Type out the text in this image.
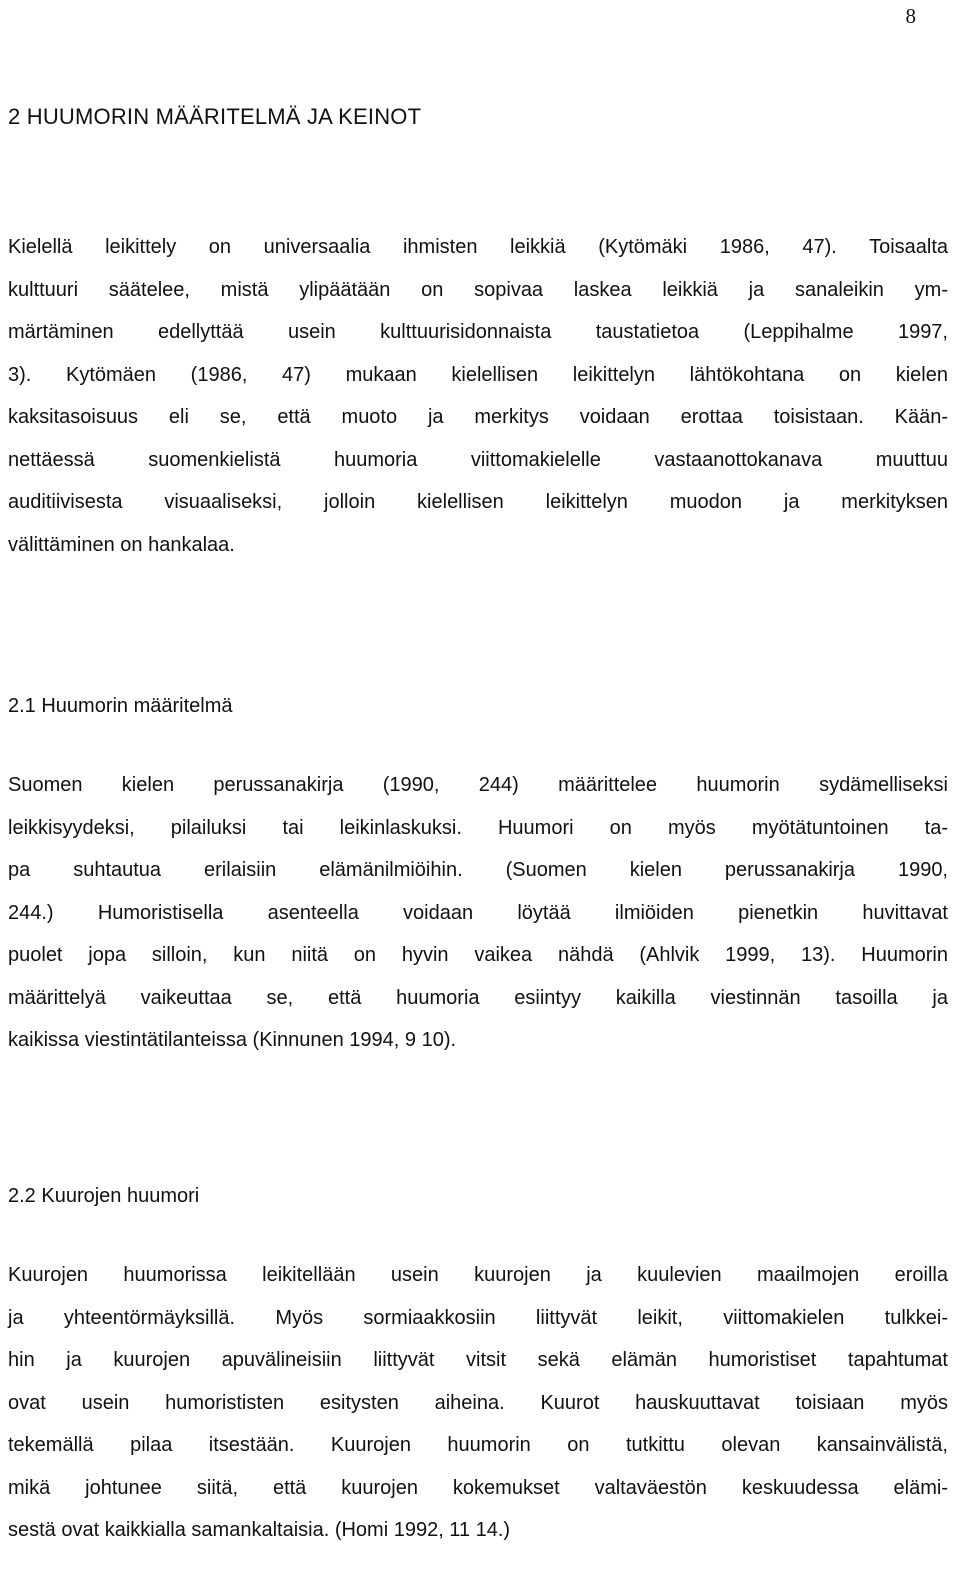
8
2 HUUMORIN MÄÄRITELMÄ JA KEINOT
Kielellä leikittely on universaalia ihmisten leikkiä (Kytömäki 1986, 47). Toisaalta
kulttuuri säätelee, mistä ylipäätään on sopivaa laskea leikkiä ja sanaleikin ym-
märtäminen edellyttää usein kulttuurisidonnaista taustatietoa (Leppihalme 1997,
3). Kytömäen (1986, 47) mukaan kielellisen leikittelyn lähtökohtana on kielen
kaksitasoisuus eli se, että muoto ja merkitys voidaan erottaa toisistaan. Kään-
nettäessä suomenkielistä huumoria viittomakielelle vastaanottokanava muuttuu
auditiivisesta visuaaliseksi, jolloin kielellisen leikittelyn muodon ja merkityksen
välittäminen on hankalaa.
2.1 Huumorin määritelmä
Suomen kielen perussanakirja (1990, 244) määrittelee huumorin sydämelliseksi
leikkisyydeksi, pilailuksi tai leikinlaskuksi. Huumori on myös myötätuntoinen ta-
pa suhtautua erilaisiin elämänilmiöihin. (Suomen kielen perussanakirja 1990,
244.) Humoristisella asenteella voidaan löytää ilmiöiden pienetkin huvittavat
puolet jopa silloin, kun niitä on hyvin vaikea nähdä (Ahlvik 1999, 13). Huumorin
määrittelyä vaikeuttaa se, että huumoria esiintyy kaikilla viestinnän tasoilla ja
kaikissa viestintätilanteissa (Kinnunen 1994, 9 10).
2.2 Kuurojen huumori
Kuurojen huumorissa leikitellään usein kuurojen ja kuulevien maailmojen eroilla
ja yhteentörmäyksillä. Myös sormiaakkosiin liittyvät leikit, viittomakielen tulkkei-
hin ja kuurojen apuvälineisiin liittyvät vitsit sekä elämän humoristiset tapahtumat
ovat usein humorististen esitysten aiheina. Kuurot hauskuuttavat toisiaan myös
tekemällä pilaa itsestään. Kuurojen huumorin on tutkittu olevan kansainvälistä,
mikä johtunee siitä, että kuurojen kokemukset valtaväestön keskuudessa elämi-
sestä ovat kaikkialla samankaltaisia. (Homi 1992, 11 14.)
